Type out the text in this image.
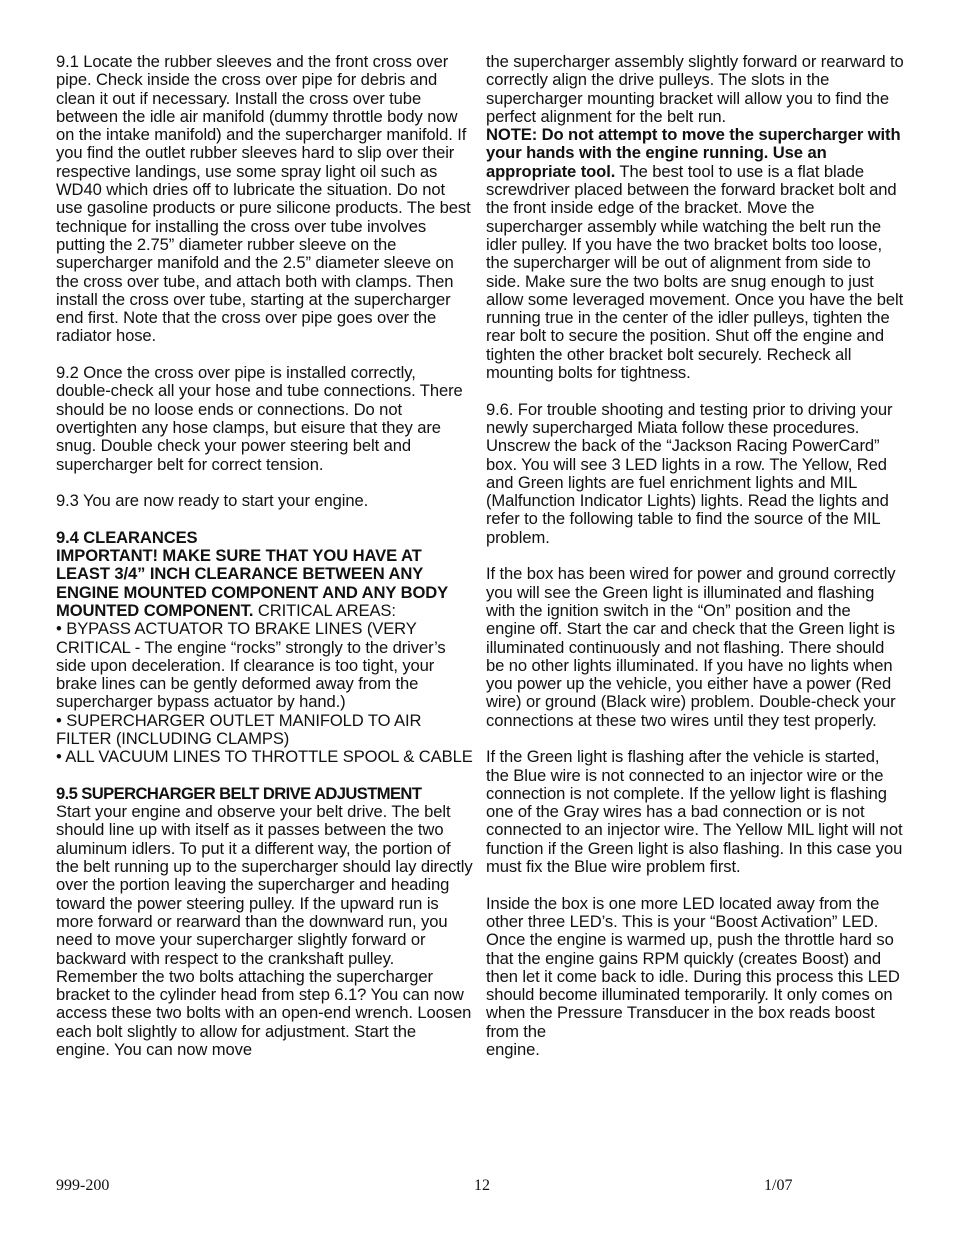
9.1 Locate the rubber sleeves and the front cross over pipe. Check inside the cross over pipe for debris and clean it out if necessary. Install the cross over tube between the idle air manifold (dummy throttle body now on the intake manifold) and the supercharger manifold. If you find the outlet rubber sleeves hard to slip over their respective landings, use some spray light oil such as WD40 which dries off to lubricate the situation. Do not use gasoline products or pure silicone products. The best technique for installing the cross over tube involves putting the 2.75” diameter rubber sleeve on the supercharger manifold and the 2.5” diameter sleeve on the cross over tube, and attach both with clamps. Then install the cross over tube, starting at the supercharger end first. Note that the cross over pipe goes over the radiator hose.

9.2 Once the cross over pipe is installed correctly, double-check all your hose and tube connections. There should be no loose ends or connections. Do not overtighten any hose clamps, but eisure that they are snug. Double check your power steering belt and supercharger belt for correct tension.

9.3 You are now ready to start your engine.

9.4 CLEARANCES
IMPORTANT! MAKE SURE THAT YOU HAVE AT LEAST 3/4” INCH CLEARANCE BETWEEN ANY ENGINE MOUNTED COMPONENT AND ANY BODY MOUNTED COMPONENT. CRITICAL AREAS:

• BYPASS ACTUATOR TO BRAKE LINES (VERY CRITICAL - The engine “rocks” strongly to the driver’s side upon deceleration. If clearance is too tight, your brake lines can be gently deformed away from the supercharger bypass actuator by hand.)

• SUPERCHARGER OUTLET MANIFOLD TO AIR FILTER (INCLUDING CLAMPS)

• ALL VACUUM LINES TO THROTTLE SPOOL & CABLE

9.5 SUPERCHARGER BELT DRIVE ADJUSTMENT
Start your engine and observe your belt drive. The belt should line up with itself as it passes between the two aluminum idlers. To put it a different way, the portion of the belt running up to the supercharger should lay directly over the portion leaving the supercharger and heading toward the power steering pulley. If the upward run is more forward or rearward than the downward run, you need to move your supercharger slightly forward or backward with respect to the crankshaft pulley. Remember the two bolts attaching the supercharger bracket to the cylinder head from step 6.1? You can now access these two bolts with an open-end wrench. Loosen each bolt slightly to allow for adjustment. Start the engine. You can now move

the supercharger assembly slightly forward or rearward to correctly align the drive pulleys. The slots in the supercharger mounting bracket will allow you to find the perfect alignment for the belt run.
NOTE: Do not attempt to move the supercharger with your hands with the engine running. Use an appropriate tool. The best tool to use is a flat blade screwdriver placed between the forward bracket bolt and the front inside edge of the bracket. Move the supercharger assembly while watching the belt run the idler pulley. If you have the two bracket bolts too loose, the supercharger will be out of alignment from side to side. Make sure the two bolts are snug enough to just allow some leveraged movement. Once you have the belt running true in the center of the idler pulleys, tighten the rear bolt to secure the position. Shut off the engine and tighten the other bracket bolt securely. Recheck all mounting bolts for tightness.

9.6. For trouble shooting and testing prior to driving your newly supercharged Miata follow these procedures. Unscrew the back of the “Jackson Racing PowerCard” box. You will see 3 LED lights in a row. The Yellow, Red and Green lights are fuel enrichment lights and MIL (Malfunction Indicator Lights) lights. Read the lights and refer to the following table to find the source of the MIL problem.

If the box has been wired for power and ground correctly you will see the Green light is illuminated and flashing with the ignition switch in the “On” position and the engine off. Start the car and check that the Green light is illuminated continuously and not flashing. There should be no other lights illuminated. If you have no lights when you power up the vehicle, you either have a power (Red wire) or ground (Black wire) problem. Double-check your connections at these two wires until they test properly.

If the Green light is flashing after the vehicle is started, the Blue wire is not connected to an injector wire or the connection is not complete. If the yellow light is flashing one of the Gray wires has a bad connection or is not connected to an injector wire. The Yellow MIL light will not function if the Green light is also flashing. In this case you must fix the Blue wire problem first.

Inside the box is one more LED located away from the other three LED’s. This is your “Boost Activation” LED. Once the engine is warmed up, push the throttle hard so that the engine gains RPM quickly (creates Boost) and then let it come back to idle. During this process this LED should become illuminated temporarily. It only comes on when the Pressure Transducer in the box reads boost from the
engine.

999-200	12	1/07
